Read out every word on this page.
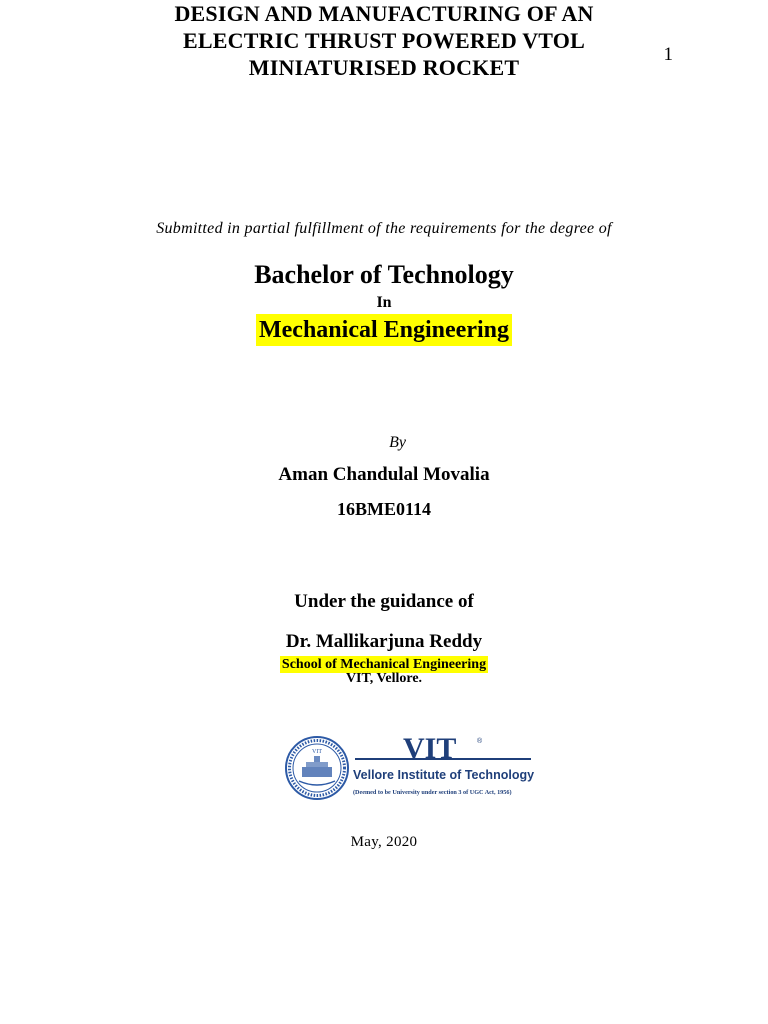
1
DESIGN AND MANUFACTURING OF AN
ELECTRIC THRUST POWERED VTOL
MINIATURISED ROCKET
Submitted in partial fulfillment of the requirements for the degree of
Bachelor of Technology
In
Mechanical Engineering
By
Aman Chandulal Movalia
16BME0114
Under the guidance of
Dr. Mallikarjuna Reddy
School of Mechanical Engineering
VIT, Vellore.
VIT	VIT	®
Vellore Institute of Technology
(Deemed to be University under section 3 of UGC Act, 1956)
May, 2020
